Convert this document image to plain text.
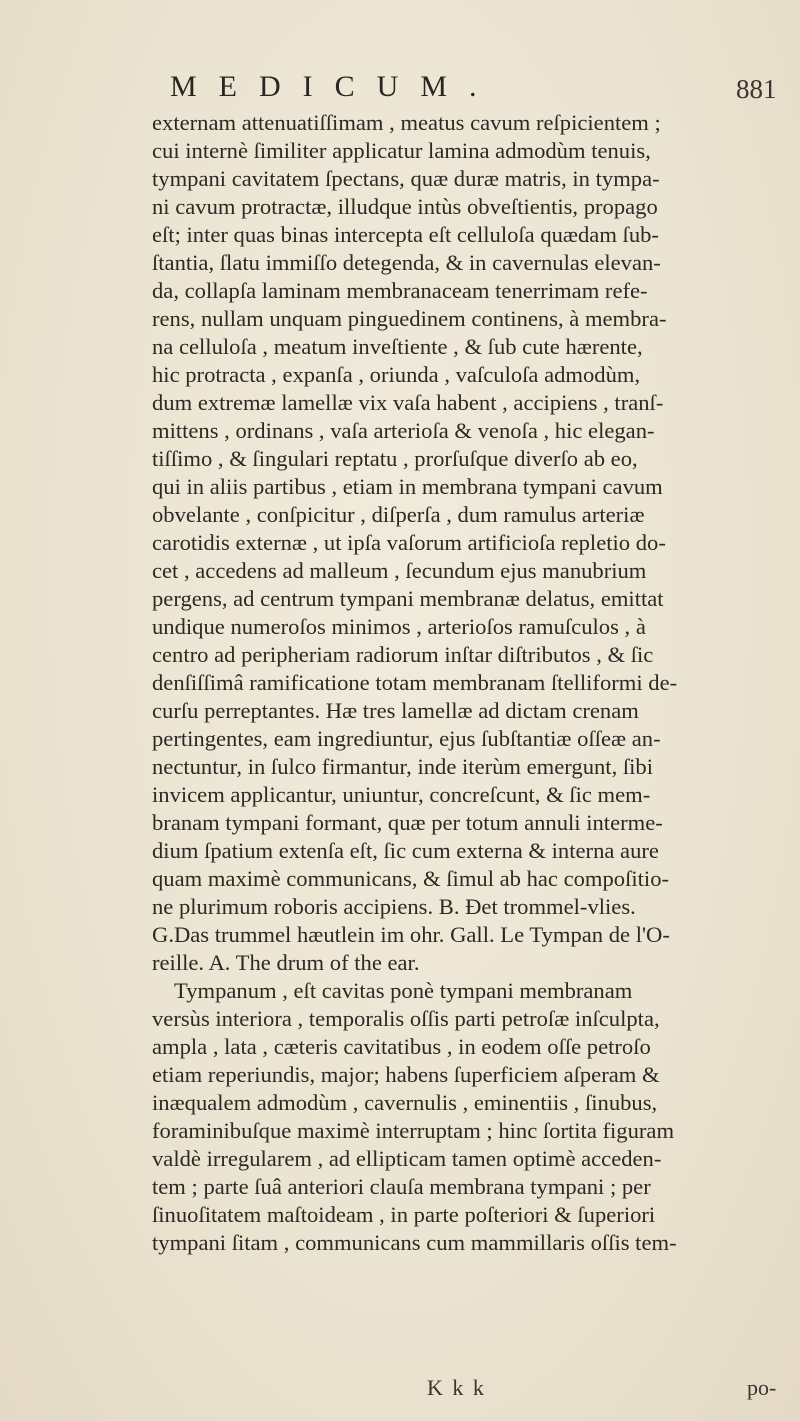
MEDICUM.	881
externam attenuatiſſimam , meatus cavum reſpicientem ;
cui internè ſimiliter applicatur lamina admodùm tenuis,
tympani cavitatem ſpectans, quæ duræ matris, in tympa-
ni cavum protractæ, illudque intùs obveſtientis, propago
eſt; inter quas binas intercepta eſt celluloſa quædam ſub-
ſtantia, ſlatu immiſſo detegenda, & in cavernulas elevan-
da, collapſa laminam membranaceam tenerrimam refe-
rens, nullam unquam pinguedinem continens, à membra-
na celluloſa , meatum inveſtiente , & ſub cute hærente,
hic protracta , expanſa , oriunda , vaſculoſa admodùm,
dum extremæ lamellæ vix vaſa habent , accipiens , tranſ-
mittens , ordinans , vaſa arterioſa & venoſa , hic elegan-
tiſſimo , & ſingulari reptatu , prorſuſque diverſo ab eo,
qui in aliis partibus , etiam in membrana tympani cavum
obvelante , conſpicitur , diſperſa , dum ramulus arteriæ
carotidis externæ , ut ipſa vaſorum artificioſa repletio do-
cet , accedens ad malleum , ſecundum ejus manubrium
pergens, ad centrum tympani membranæ delatus, emittat
undique numeroſos minimos , arterioſos ramuſculos , à
centro ad peripheriam radiorum inſtar diſtributos , & ſic
denſiſſimâ ramificatione totam membranam ſtelliformi de-
curſu perreptantes. Hæ tres lamellæ ad dictam crenam
pertingentes, eam ingrediuntur, ejus ſubſtantiæ oſſeæ an-
nectuntur, in ſulco firmantur, inde iterùm emergunt, ſibi
invicem applicantur, uniuntur, concreſcunt, & ſic mem-
branam tympani formant, quæ per totum annuli interme-
dium ſpatium extenſa eſt, ſic cum externa & interna aure
quam maximè communicans, & ſimul ab hac compoſitio-
ne plurimum roboris accipiens. B. Ðet trommel-vlies.
G.Das trummel hæutlein im ohr. Gall. Le Tympan de l'O-
reille. A. The drum of the ear.
Tympanum , eſt cavitas ponè tympani membranam
versùs interiora , temporalis oſſis parti petroſæ inſculpta,
ampla , lata , cæteris cavitatibus , in eodem oſſe petroſo
etiam reperiundis, major; habens ſuperficiem aſperam &
inæqualem admodùm , cavernulis , eminentiis , ſinubus,
foraminibuſque maximè interruptam ; hinc ſortita figuram
valdè irregularem , ad ellipticam tamen optimè acceden-
tem ; parte ſuâ anteriori clauſa membrana tympani ; per
ſinuoſitatem maſtoideam , in parte poſteriori & ſuperiori
tympani ſitam , communicans cum mammillaris oſſis tem-
K k k	po-
